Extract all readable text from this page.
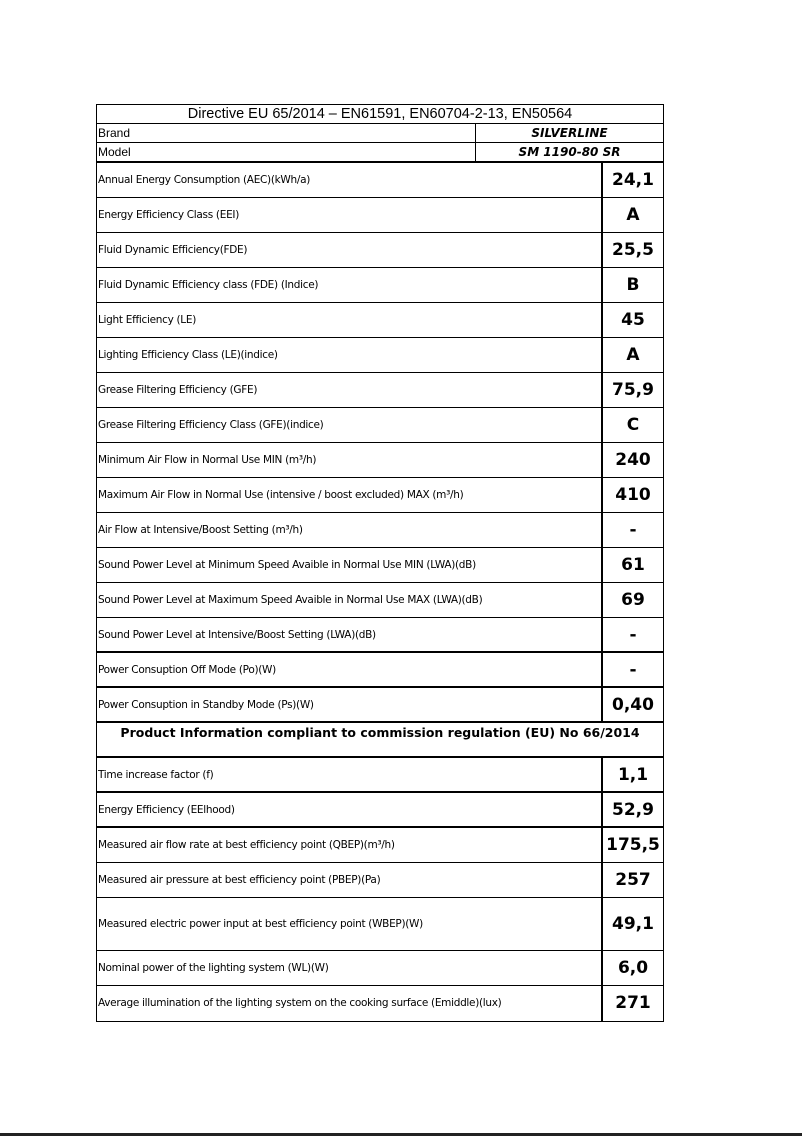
Directive EU 65/2014 – EN61591, EN60704-2-13, EN50564
Brand	SILVERLINE
Model	SM 1190-80 SR
Annual Energy Consumption (AEC)(kWh/a)	24,1
Energy Efficiency Class (EEI)	A
Fluid Dynamic Efficiency(FDE)	25,5
Fluid Dynamic Efficiency class (FDE) (Indice)	B
Light Efficiency (LE)	45
Lighting Efficiency Class (LE)(indice)	A
Grease Filtering Efficiency (GFE)	75,9
Grease Filtering Efficiency Class (GFE)(indice)	C
Minimum Air Flow in Normal Use MIN (m³/h)	240
Maximum Air Flow in Normal Use (intensive / boost excluded) MAX (m³/h)	410
Air Flow at Intensive/Boost Setting (m³/h)	-
Sound Power Level at Minimum Speed Avaible in Normal Use MIN (LWA)(dB)	61
Sound Power Level at Maximum Speed Avaible in Normal Use MAX (LWA)(dB)	69
Sound Power Level at Intensive/Boost Setting (LWA)(dB)	-
Power Consuption Off Mode (Po)(W)	-
Power Consuption in Standby Mode (Ps)(W)	0,40
Product Information compliant to commission regulation (EU) No 66/2014
Time increase factor (f)	1,1
Energy Efficiency (EElhood)	52,9
Measured air flow rate at best efficiency point (QBEP)(m³/h)	175,5
Measured air pressure at best efficiency point (PBEP)(Pa)	257
Measured electric power input at best efficiency point (WBEP)(W)	49,1
Nominal power of the lighting system (WL)(W)	6,0
Average illumination of the lighting system on the cooking surface (Emiddle)(lux)	271
